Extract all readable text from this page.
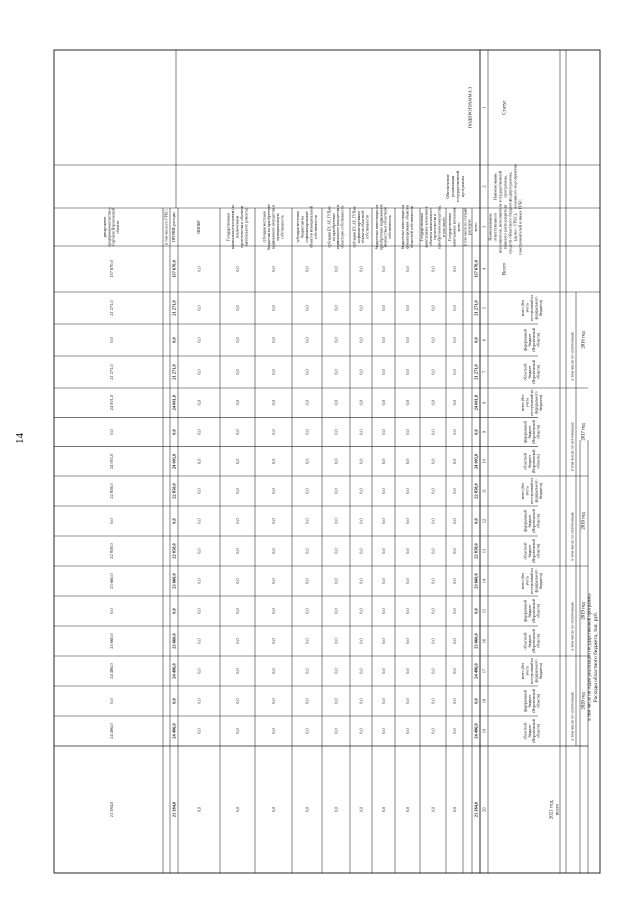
14
Расходы областного бюджета, тыс. руб.
в том числе по годам реализации государственной программы
Статус
Наименование государственной программы, подпрограммы, основного мероприятия
Наименование ответственного исполнителя, исполнителя - главного распорядителя средств областного бюджета (далее - ГРБС), соисполнителей и иных ГРБС
Всего
2016 год
в том числе по источникам:
всего (без учета поступлений из федерального бюджета)
федеральный бюджет (Воронежской области)
областной бюджет (Воронежской области)
2017 год
в том числе по источникам:
всего (без учета поступлений из федерального бюджета)
федеральный бюджет (Воронежской области)
областной бюджет (Воронежской области)
2018 год
в том числе по источникам:
всего (без учета поступлений из федерального бюджета)
федеральный бюджет (Воронежской области)
областной бюджет (Воронежской области)
2019 год
в том числе по источникам:
всего (без учета поступлений из федерального бюджета)
федеральный бюджет (Воронежской области)
областной бюджет (Воронежской области)
2020 год
в том числе по источникам:
всего (без учета поступлений из федерального бюджета)
федеральный бюджет (Воронежской области)
областной бюджет (Воронежской области)
2021 год, всего
1
2
3
4
5
6
7
8
9
10
11
12
13
14
15
16
17
18
19
20
ПОДПРОГРАММА 3
Обеспечение реализации государственной программы
всего
137 670,0
21 271,0
0,0
21 271,0
24 001,0
0,0
24 001,0
22 858,0
0,0
22 858,0
23 660,0
0,0
23 660,0
24 496,0
0,0
24 496,0
21 384,0
в том числе по статьям расходов:
Государственные капитальные вложения, всего
0,0
0,0
0,0
0,0
0,0
0,0
0,0
0,0
0,0
0,0
0,0
0,0
0,0
0,0
0,0
0,0
0,0
Государственные капитальные вложения в объекты капитального строительства и приобретение имущества, в том числе:
0,0
0,0
0,0
0,0
0,0
0,0
0,0
0,0
0,0
0,0
0,0
0,0
0,0
0,0
0,0
0,0
0,0
бюджетные инвестиции на финансирование объектов областной собственности
0,0
0,0
0,0
0,0
0,0
0,0
0,0
0,0
0,0
0,0
0,0
0,0
0,0
0,0
0,0
0,0
0,0
бюджетные инвестиции на приобретение недвижимого имущества в областную собственность
0,0
0,0
0,0
0,0
0,0
0,0
0,0
0,0
0,0
0,0
0,0
0,0
0,0
0,0
0,0
0,0
0,0
субсидии БУ, АУ, ГУПам на финансирование объектов областной собственности
0,0
0,0
0,0
0,0
0,0
0,0
0,0
0,0
0,0
0,0
0,0
0,0
0,0
0,0
0,0
0,0
0,0
субсидии БУ, АУ, ГУПам на приобретение недвижимого имущества в областную собственность
0,0
0,0
0,0
0,0
0,0
0,0
0,0
0,0
0,0
0,0
0,0
0,0
0,0
0,0
0,0
0,0
0,0
субсидии местным бюджетам на софинансирование объектов муниципальной собственности
0,0
0,0
0,0
0,0
0,0
0,0
0,0
0,0
0,0
0,0
0,0
0,0
0,0
0,0
0,0
0,0
0,0
субсидии местным бюджетам на приобретение недвижимого имущества в муниципальную собственность
0,0
0,0
0,0
0,0
0,0
0,0
0,0
0,0
0,0
0,0
0,0
0,0
0,0
0,0
0,0
0,0
0,0
Государственные капитальные вложения (за исключением строительства и объектов капитального ремонта)
0,0
0,0
0,0
0,0
0,0
0,0
0,0
0,0
0,0
0,0
0,0
0,0
0,0
0,0
0,0
0,0
0,0
НИОКР
0,0
0,0
0,0
0,0
0,0
0,0
0,0
0,0
0,0
0,0
0,0
0,0
0,0
0,0
0,0
0,0
0,0
ПРОЧИЕ расходы
137 670,0
21 271,0
0,0
21 271,0
24 001,0
0,0
24 001,0
22 858,0
0,0
22 858,0
23 660,0
0,0
23 660,0
24 496,0
0,0
24 496,0
21 384,0
в том числе по ГРБС:
департамент предпринимательства и торговли Воронежской области
137 670,0
21 271,0
0,0
21 271,0
24 001,0
0,0
24 001,0
22 858,0
0,0
22 858,0
23 660,0
0,0
23 660,0
24 496,0
0,0
24 496,0
21 384,0
